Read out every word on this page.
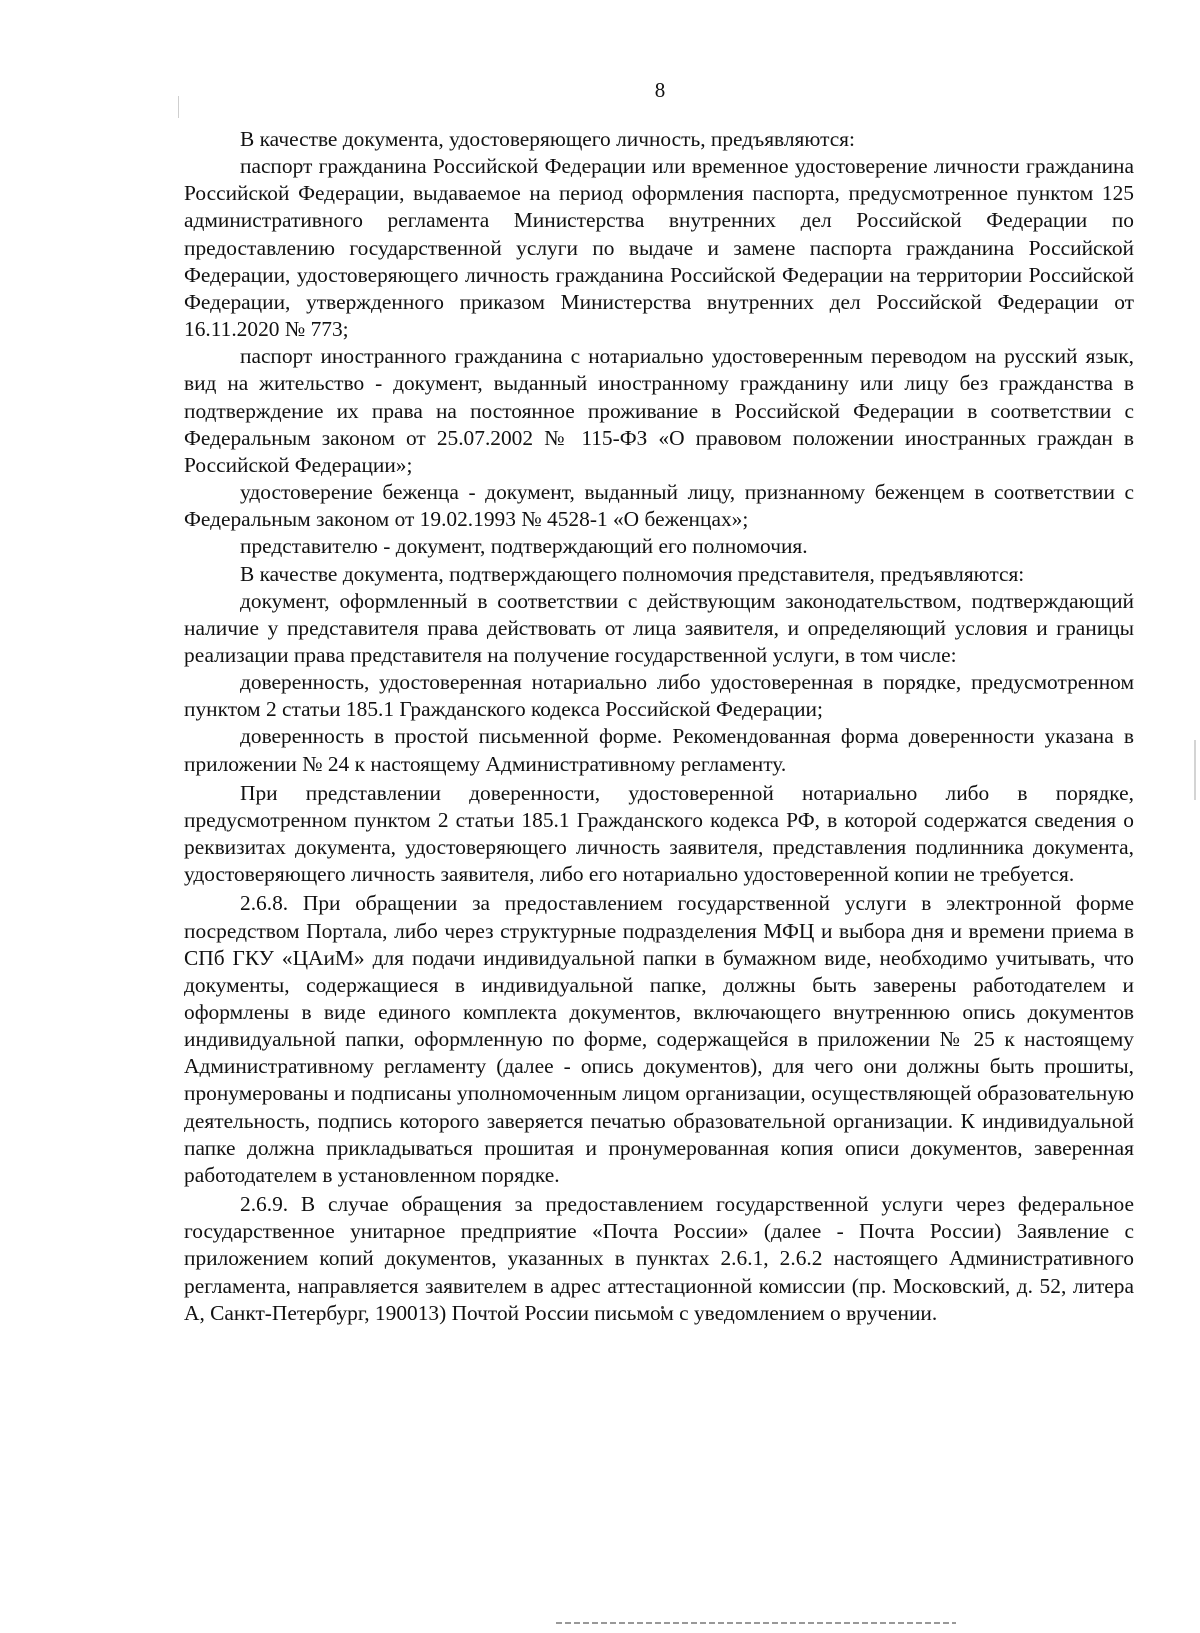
8

В качестве документа, удостоверяющего личность, предъявляются:

паспорт гражданина Российской Федерации или временное удостоверение личности гражданина Российской Федерации, выдаваемое на период оформления паспорта, предусмотренное пунктом 125 административного регламента Министерства внутренних дел Российской Федерации по предоставлению государственной услуги по выдаче и замене паспорта гражданина Российской Федерации, удостоверяющего личность гражданина Российской Федерации на территории Российской Федерации, утвержденного приказом Министерства внутренних дел Российской Федерации от 16.11.2020 № 773;

паспорт иностранного гражданина с нотариально удостоверенным переводом на русский язык, вид на жительство - документ, выданный иностранному гражданину или лицу без гражданства в подтверждение их права на постоянное проживание в Российской Федерации в соответствии с Федеральным законом от 25.07.2002 № 115-ФЗ «О правовом положении иностранных граждан в Российской Федерации»;

удостоверение беженца - документ, выданный лицу, признанному беженцем в соответствии с Федеральным законом от 19.02.1993 № 4528-1 «О беженцах»;

представителю - документ, подтверждающий его полномочия.

В качестве документа, подтверждающего полномочия представителя, предъявляются:

документ, оформленный в соответствии с действующим законодательством, подтверждающий наличие у представителя права действовать от лица заявителя, и определяющий условия и границы реализации права представителя на получение государственной услуги, в том числе:

доверенность, удостоверенная нотариально либо удостоверенная в порядке, предусмотренном пунктом 2 статьи 185.1 Гражданского кодекса Российской Федерации;

доверенность в простой письменной форме. Рекомендованная форма доверенности указана в приложении № 24 к настоящему Административному регламенту.

При представлении доверенности, удостоверенной нотариально либо в порядке, предусмотренном пунктом 2 статьи 185.1 Гражданского кодекса РФ, в которой содержатся сведения о реквизитах документа, удостоверяющего личность заявителя, представления подлинника документа, удостоверяющего личность заявителя, либо его нотариально удостоверенной копии не требуется.

2.6.8. При обращении за предоставлением государственной услуги в электронной форме посредством Портала, либо через структурные подразделения МФЦ и выбора дня и времени приема в СПб ГКУ «ЦАиМ» для подачи индивидуальной папки в бумажном виде, необходимо учитывать, что документы, содержащиеся в индивидуальной папке, должны быть заверены работодателем и оформлены в виде единого комплекта документов, включающего внутреннюю опись документов индивидуальной папки, оформленную по форме, содержащейся в приложении № 25 к настоящему Административному регламенту (далее - опись документов), для чего они должны быть прошиты, пронумерованы и подписаны уполномоченным лицом организации, осуществляющей образовательную деятельность, подпись которого заверяется печатью образовательной организации. К индивидуальной папке должна прикладываться прошитая и пронумерованная копия описи документов, заверенная работодателем в установленном порядке.

2.6.9. В случае обращения за предоставлением государственной услуги через федеральное государственное унитарное предприятие «Почта России» (далее - Почта России) Заявление с приложением копий документов, указанных в пунктах 2.6.1, 2.6.2 настоящего Административного регламента, направляется заявителем в адрес аттестационной комиссии (пр. Московский, д. 52, литера А, Санкт-Петербург, 190013) Почтой России письмом с уведомлением о вручении.
